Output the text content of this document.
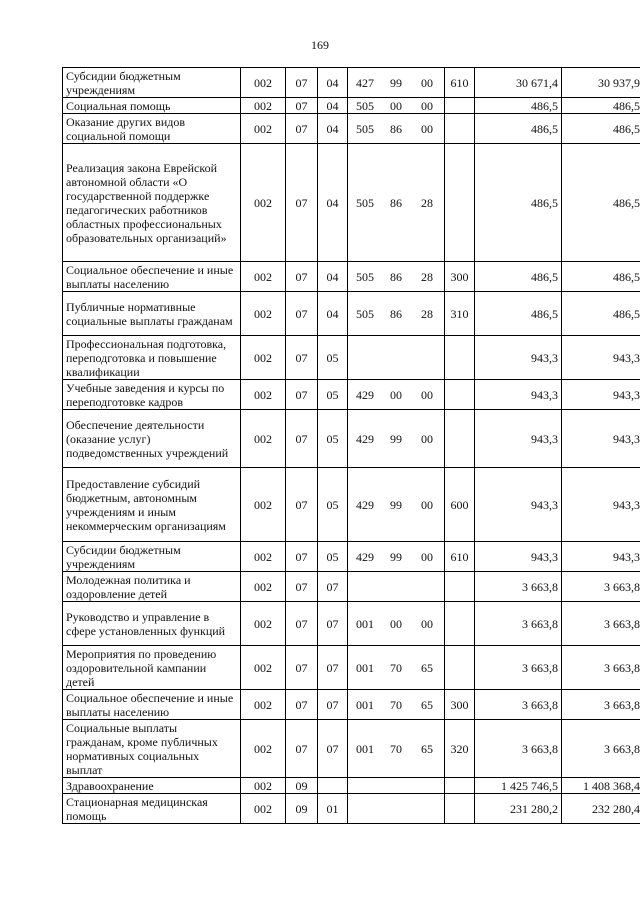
169
Субсидии бюджетным учреждениям	002	07	04	427 99 00	610	30 671,4	30 937,9
Социальная помощь	002	07	04	505 00 00		486,5	486,5
Оказание других видов социальной помощи	002	07	04	505 86 00		486,5	486,5
Реализация закона Еврейской автономной области «О государственной поддержке педагогических работников областных профессиональных образовательных организаций»	002	07	04	505 86 28		486,5	486,5
Социальное обеспечение и иные выплаты населению	002	07	04	505 86 28	300	486,5	486,5
Публичные нормативные социальные выплаты гражданам	002	07	04	505 86 28	310	486,5	486,5
Профессиональная подготовка, переподготовка и повышение квалификации	002	07	05			943,3	943,3
Учебные заведения и курсы по переподготовке кадров	002	07	05	429 00 00		943,3	943,3
Обеспечение деятельности (оказание услуг) подведомственных учреждений	002	07	05	429 99 00		943,3	943,3
Предоставление субсидий бюджетным, автономным учреждениям и иным некоммерческим организациям	002	07	05	429 99 00	600	943,3	943,3
Субсидии бюджетным учреждениям	002	07	05	429 99 00	610	943,3	943,3
Молодежная политика и оздоровление детей	002	07	07			3 663,8	3 663,8
Руководство и управление в сфере установленных функций	002	07	07	001 00 00		3 663,8	3 663,8
Мероприятия по проведению оздоровительной кампании детей	002	07	07	001 70 65		3 663,8	3 663,8
Социальное обеспечение и иные выплаты населению	002	07	07	001 70 65	300	3 663,8	3 663,8
Социальные выплаты гражданам, кроме публичных нормативных социальных выплат	002	07	07	001 70 65	320	3 663,8	3 663,8
Здравоохранение	002	09				1 425 746,5	1 408 368,4
Стационарная медицинская помощь	002	09	01			231 280,2	232 280,4
